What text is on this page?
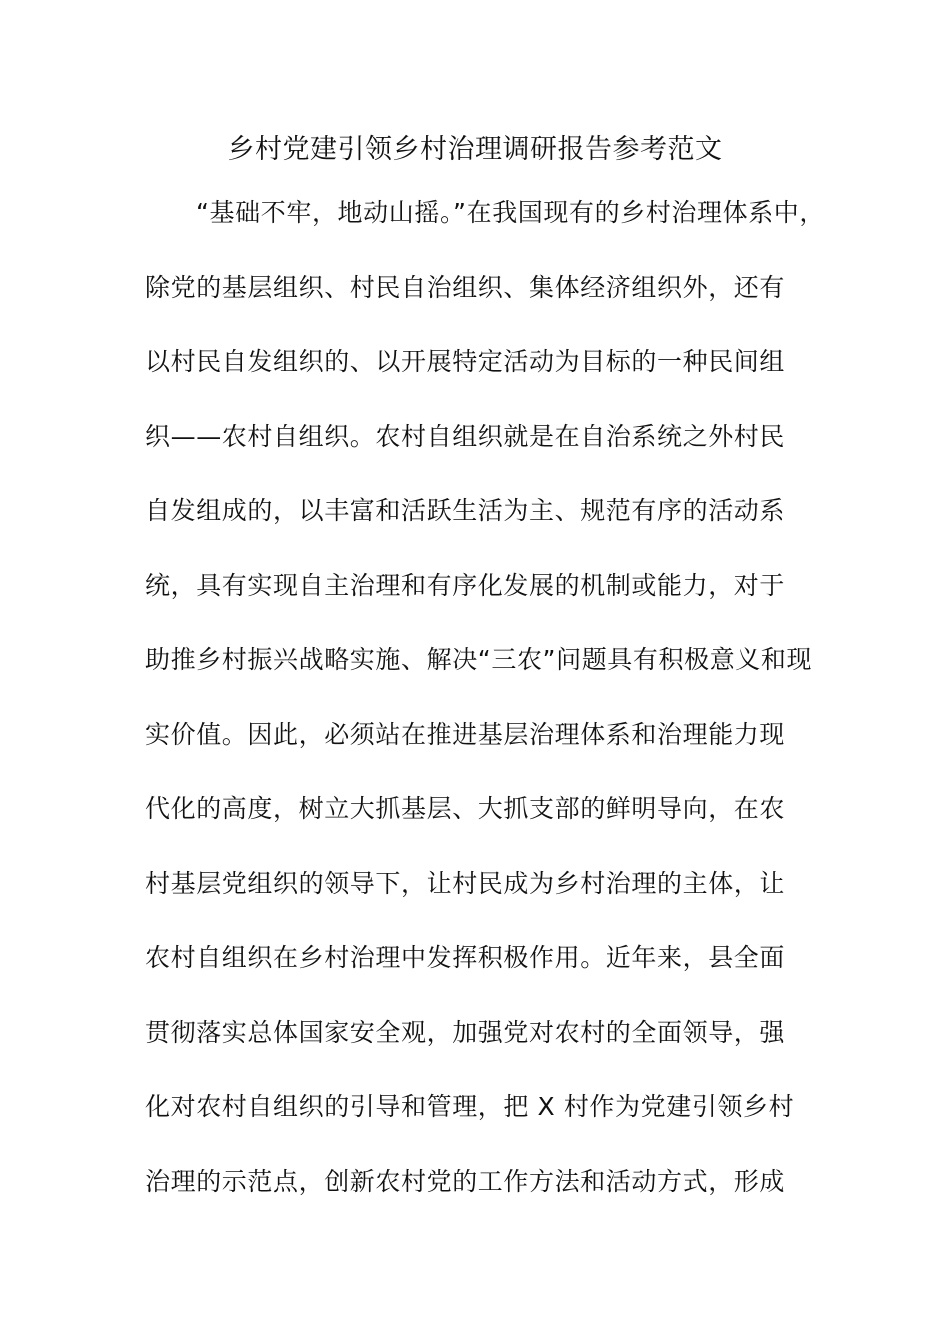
乡村党建引领乡村治理调研报告参考范文

“基础不牢，地动山摇。”在我国现有的乡村治理体系中，

除党的基层组织、村民自治组织、集体经济组织外，还有

以村民自发组织的、以开展特定活动为目标的一种民间组

织——农村自组织。农村自组织就是在自治系统之外村民

自发组成的，以丰富和活跃生活为主、规范有序的活动系

统，具有实现自主治理和有序化发展的机制或能力，对于

助推乡村振兴战略实施、解决“三农”问题具有积极意义和现

实价值。因此，必须站在推进基层治理体系和治理能力现

代化的高度，树立大抓基层、大抓支部的鲜明导向，在农

村基层党组织的领导下，让村民成为乡村治理的主体，让

农村自组织在乡村治理中发挥积极作用。近年来，县全面

贯彻落实总体国家安全观，加强党对农村的全面领导，强

化对农村自组织的引导和管理，把 X 村作为党建引领乡村

治理的示范点，创新农村党的工作方法和活动方式，形成
